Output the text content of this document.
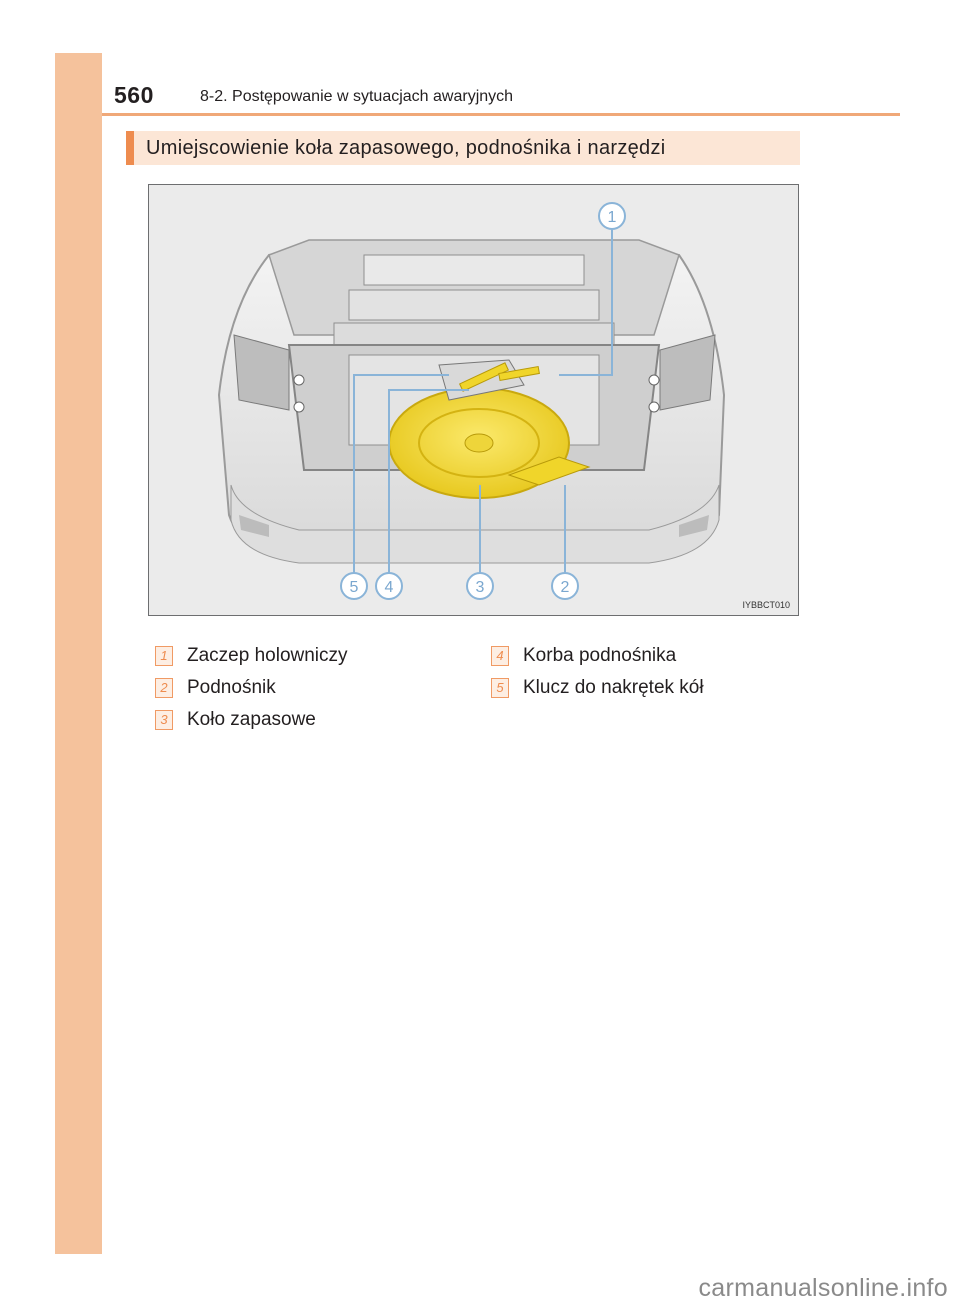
560	8-2. Postępowanie w sytuacjach awaryjnych
Umiejscowienie koła zapasowego, podnośnika i narzędzi
1
2
3
4
5
IYBBCT010
1 Zaczep holowniczy
2 Podnośnik
3 Koło zapasowe
4 Korba podnośnika
5 Klucz do nakrętek kół
carmanualsonline.info
